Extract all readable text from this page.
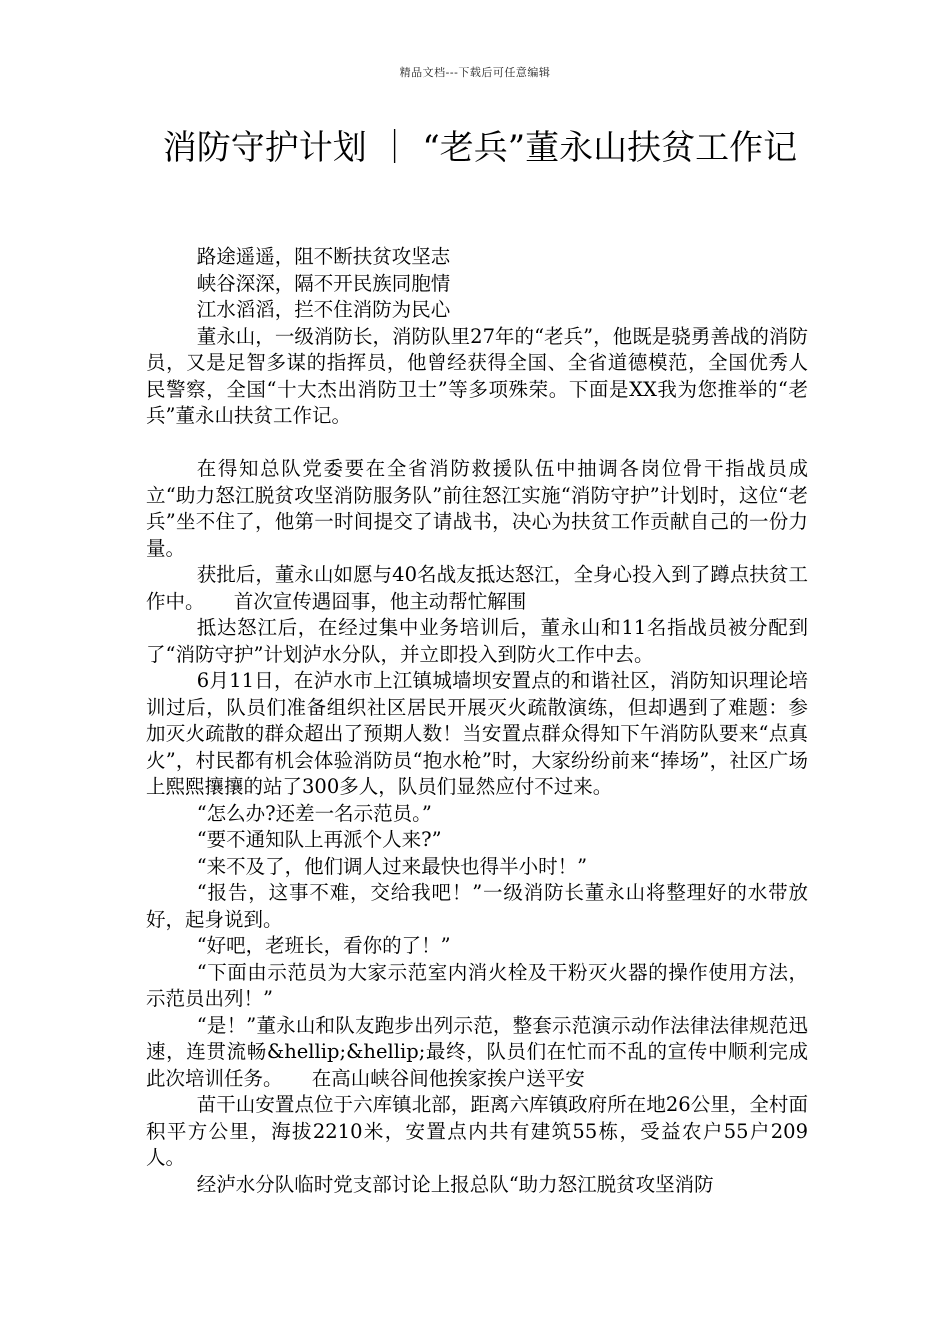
精品文档---下载后可任意编辑
消防守护计划 ｜ “老兵”董永山扶贫工作记

路途遥遥，阻不断扶贫攻坚志

峡谷深深，隔不开民族同胞情

江水滔滔，拦不住消防为民心

董永山，一级消防长，消防队里27年的“老兵”，他既是骁勇善战的消防员，又是足智多谋的指挥员，他曾经获得全国、全省道德模范，全国优秀人民警察，全国“十大杰出消防卫士”等多项殊荣。下面是XX我为您推举的“老兵”董永山扶贫工作记。

在得知总队党委要在全省消防救援队伍中抽调各岗位骨干指战员成立“助力怒江脱贫攻坚消防服务队”前往怒江实施“消防守护”计划时，这位“老兵”坐不住了，他第一时间提交了请战书，决心为扶贫工作贡献自己的一份力量。

获批后，董永山如愿与40名战友抵达怒江，全身心投入到了蹲点扶贫工作中。　　首次宣传遇囧事，他主动帮忙解围

抵达怒江后，在经过集中业务培训后，董永山和11名指战员被分配到了“消防守护”计划泸水分队，并立即投入到防火工作中去。

6月11日，在泸水市上江镇城墙坝安置点的和谐社区，消防知识理论培训过后，队员们准备组织社区居民开展灭火疏散演练，但却遇到了难题：参加灭火疏散的群众超出了预期人数！当安置点群众得知下午消防队要来“点真火”，村民都有机会体验消防员“抱水枪”时，大家纷纷前来“捧场”，社区广场上熙熙攘攘的站了300多人，队员们显然应付不过来。

“怎么办?还差一名示范员。”

“要不通知队上再派个人来?”

“来不及了，他们调人过来最快也得半小时！”

“报告，这事不难，交给我吧！”一级消防长董永山将整理好的水带放好，起身说到。

“好吧，老班长，看你的了！”

“下面由示范员为大家示范室内消火栓及干粉灭火器的操作使用方法，示范员出列！”

“是！”董永山和队友跑步出列示范，整套示范演示动作法律法律规范迅速，连贯流畅&hellip;&hellip;最终，队员们在忙而不乱的宣传中顺利完成此次培训任务。　　在高山峡谷间他挨家挨户送平安

苗干山安置点位于六库镇北部，距离六库镇政府所在地26公里，全村面积平方公里，海拔2210米，安置点内共有建筑55栋，受益农户55户209人。

经泸水分队临时党支部讨论上报总队“助力怒江脱贫攻坚消防
